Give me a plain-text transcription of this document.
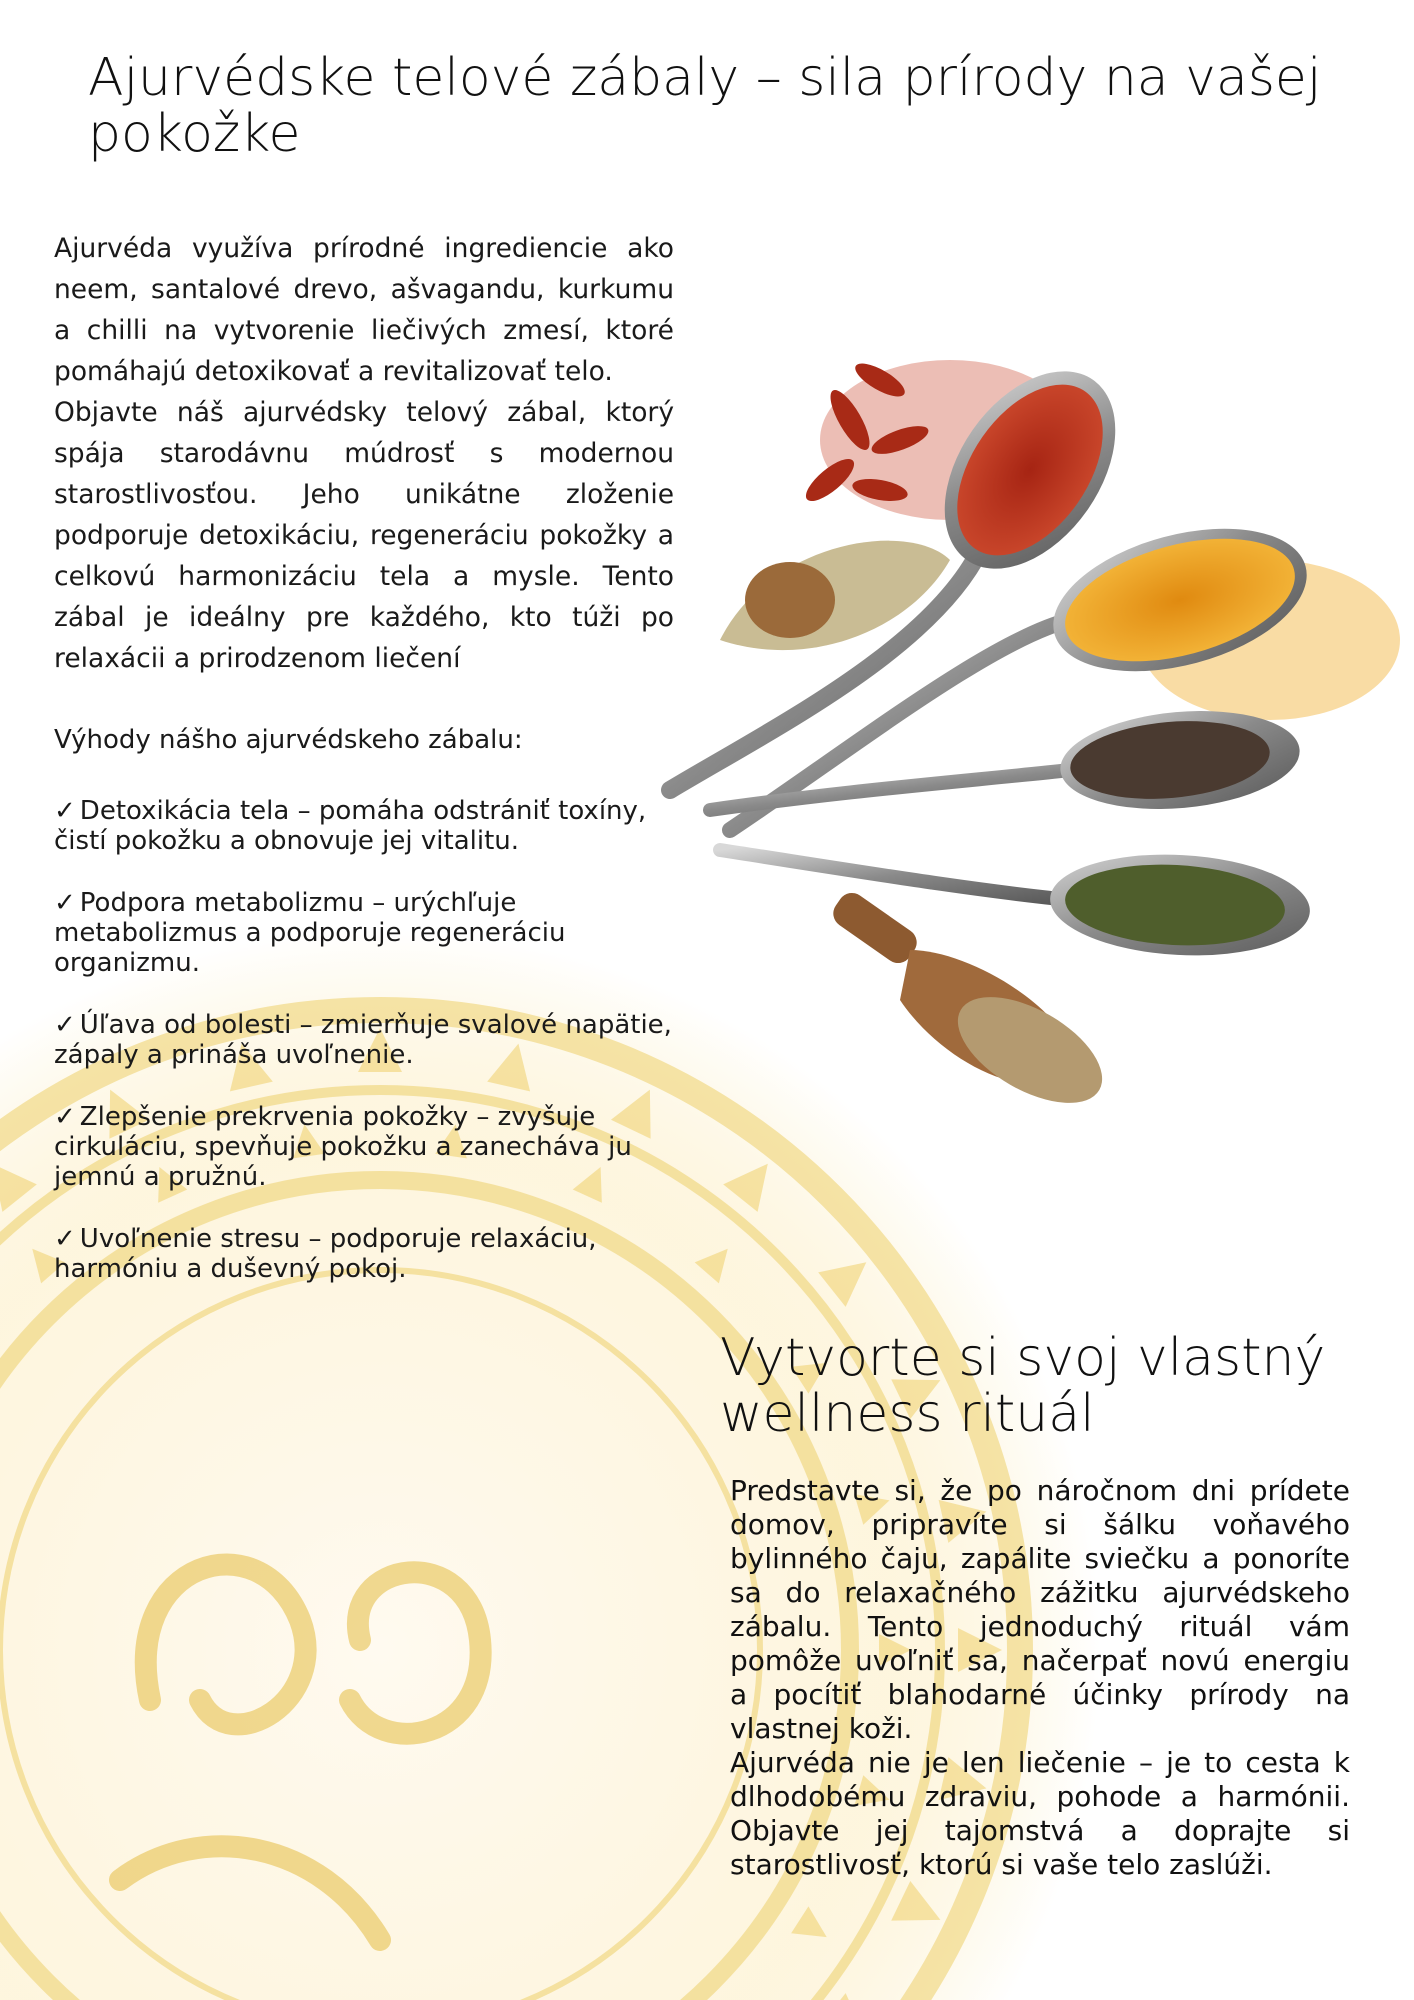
Ajurvédske telové zábaly – sila prírody na vašej pokožke

Ajurvéda využíva prírodné ingrediencie ako neem, santalové drevo, ašvagandu, kurkumu a chilli na vytvorenie liečivých zmesí, ktoré pomáhajú detoxikovať a revitalizovať telo.

Objavte náš ajurvédsky telový zábal, ktorý spája starodávnu múdrosť s modernou starostlivosťou. Jeho unikátne zloženie podporuje detoxikáciu, regeneráciu pokožky a celkovú harmonizáciu tela a mysle. Tento zábal je ideálny pre každého, kto túži po relaxácii a prirodzenom liečení

Výhody nášho ajurvédskeho zábalu:
✓ Detoxikácia tela – pomáha odstrániť toxíny, čistí pokožku a obnovuje jej vitalitu.
✓ Podpora metabolizmu – urýchľuje metabolizmus a podporuje regeneráciu organizmu.
✓ Úľava od bolesti – zmierňuje svalové napätie, zápaly a prináša uvoľnenie.
✓ Zlepšenie prekrvenia pokožky – zvyšuje cirkuláciu, spevňuje pokožku a zanecháva ju jemnú a pružnú.
✓ Uvoľnenie stresu – podporuje relaxáciu, harmóniu a duševný pokoj.
Vytvorte si svoj vlastný wellness rituál

Predstavte si, že po náročnom dni prídete domov, pripravíte si šálku voňavého bylinného čaju, zapálite sviečku a ponoríte sa do relaxačného zážitku ajurvédskeho zábalu. Tento jednoduchý rituál vám pomôže uvoľniť sa, načerpať novú energiu a pocítiť blahodarné účinky prírody na vlastnej koži.

Ajurvéda nie je len liečenie – je to cesta k dlhodobému zdraviu, pohode a harmónii. Objavte jej tajomstvá a doprajte si starostlivosť, ktorú si vaše telo zaslúži.
